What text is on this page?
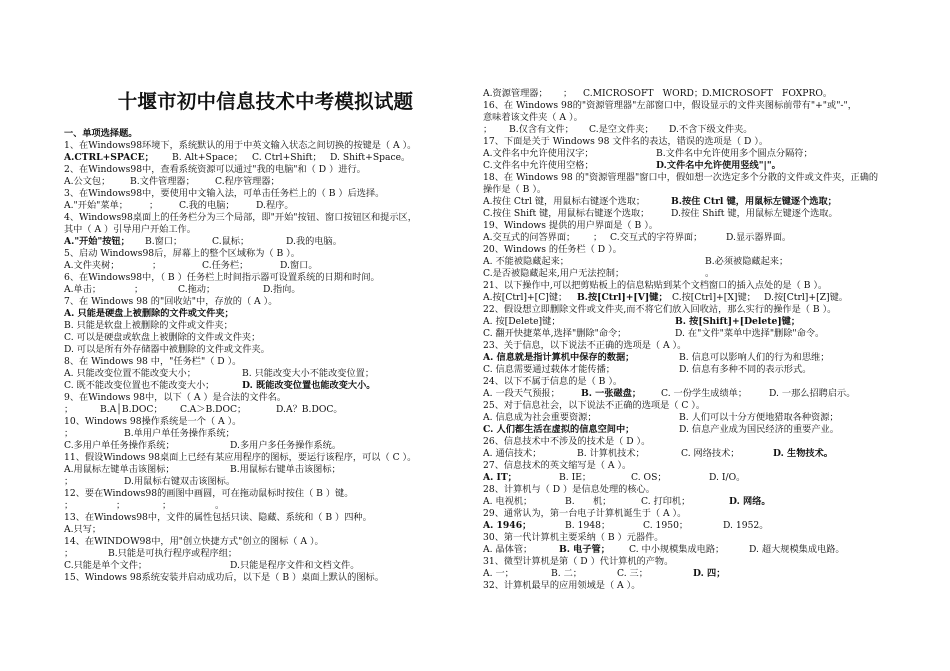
十堰市初中信息技术中考模拟试题
一、单项选择题。
1、在Windows98环境下，系统默认的用于中英文输入状态之间切换的按键是（ A ）。
A.CTRL+SPACE； B. Alt+Space； C. Ctrl+Shift； D. Shift+Space。
2、在Windows98中，查看系统资源可以通过"我的电脑"和（ D ）进行。
A.公文包； B.文件管理器； C.程序管理器；
3、在Windows98中，要使用中文输入法，可单击任务栏上的（ B ）后选择。
A."开始"菜单； ； C.我的电脑； D.程序。
4、Windows98桌面上的任务栏分为三个局部，即"开始"按钮、窗口按钮区和提示区，
其中（ A ）引导用户开始工作。
A."开始"按钮； B.窗口；	C.鼠标；	D.我的电脑。
5、启动 Windows98后，屏幕上的整个区域称为（ B ）。
A.文件夹树；	；	C.任务栏；	D.窗口。
6、在Windows98中，（ B ）任务栏上时间指示器可设置系统的日期和时间。
A.单击；	；	C.拖动；	D.指向。
7、在 Windows 98 的"回收站"中，存放的（ A ）。
A. 只能是硬盘上被删除的文件或文件夹；
B. 只能是软盘上被删除的文件或文件夹；
C. 可以是硬盘或软盘上被删除的文件或文件夹；
D. 可以是所有外存储器中被删除的文件或文件夹。
8、在 Windows 98 中，"任务栏"（ D ）。
A. 只能改变位置不能改变大小；	B. 只能改变大小不能改变位置；
C. 既不能改变位置也不能改变大小；	D. 既能改变位置也能改变大小。
9、在Windows 98中，以下（ A ）是合法的文件名。
；	B.A│B.DOC； C.A＞B.DOC；	D.A？B.DOC。
10、Windows 98操作系统是一个（ A ）。
；	B.单用户单任务操作系统；
C.多用户单任务操作系统；	D.多用户多任务操作系统。
11、假设Windows 98桌面上已经有某应用程序的图标，要运行该程序，可以（ C ）。
A.用鼠标左键单击该图标；	B.用鼠标右键单击该图标；
；	D.用鼠标右键双击该图标。
12、要在Windows98的画图中画圆，可在拖动鼠标时按住（ B ）键。
；	；	；	。
13、在Windows98中，文件的属性包括只读、隐藏、系统和（ B ）四种。
A.只写；
14、在WINDOW98中，用"创立快捷方式"创立的图标（ A ）。
；	B.只能是可执行程序或程序组；
C.只能是单个文件；	D.只能是程序文件和文档文件。
15、Windows 98系统安装并启动成功后，以下是（ B ）桌面上默认的图标。
A.资源管理器； ； C.MICROSOFT　WORD；
D.MICROSOFT　FOXPRO。
16、在 Windows 98的"资源管理器"左部窗口中，假设显示的文件夹图标前带有"+"或"-"，
意味着该文件夹（ A ）。
； B.仅含有文件； C.是空文件夹； D.不含下级文件夹。
17、下面是关于 Windows 98 文件名的表达，错误的选项是（ D ）。
A.文件名中允许使用汉字；	B.文件名中允许使用多个圆点分隔符；
C.文件名中允许使用空格；	D.文件名中允许使用竖线"|"。
18、在 Windows 98 的"资源管理器"窗口中，假如想一次选定多个分散的文件或文件夹，正确的
操作是（ B ）。
A.按住 Ctrl 键，用鼠标右键逐个选取；	B.按住 Ctrl 键，用鼠标左键逐个选取；
C.按住 Shift 键，用鼠标右键逐个选取； D.按住 Shift 键，用鼠标左键逐个选取。
19、Windows 提供的用户界面是（ B ）。
A.交互式的问答界面； ； C.交互式的字符界面；	D.显示器界面。
20、Windows 的任务栏（ D ）。
A. 不能被隐藏起来；	B.必须被隐藏起来；
C.是否被隐藏起来,用户无法控制；	。
21、以下操作中,可以把剪贴板上的信息粘贴到某个文档窗口的插入点处的是（ B ）。
A.按[Ctrl]+[C]键； B.按[Ctrl]+[V]键； C.按[Ctrl]+[X]键； D.按[Ctrl]+[Z]键。
22、假设想立即删除文件或文件夹,而不将它们放入回收站，那么实行的操作是（ B ）。
A. 按[Delete]键；	B. 按[Shift]+[Delete]键；
C. 翻开快捷菜单,选择"删除"命令；	D. 在"文件"菜单中选择"删除"命令。
23、关于信息，以下说法不正确的选项是（ A ）。
A. 信息就是指计算机中保存的数据；	B. 信息可以影响人们的行为和思维；
C. 信息需要通过载体才能传播；	D. 信息有多种不同的表示形式。
24、以下不属于信息的是（ B ）。
A. 一段天气预报； B. 一张磁盘； C. 一份学生成绩单； D. 一那么招聘启示。
25、对于信息社会，以下说法不正确的选项是（ C ）。
A. 信息成为社会重要资源；	B. 人们可以十分方便地猎取各种资源；
C. 人们都生活在虚拟的信息空间中；	D. 信息产业成为国民经济的重要产业。
26、信息技术中不涉及的技术是（ D ）。
A. 通信技术；	B. 计算机技术；	C. 网络技术；	D. 生物技术。
27、信息技术的英文缩写是（ A ）。
A. IT；	B. IE；	C. OS；	D. I/O。
28、计算机与（ D ）是信息处理的核心。
A. 电视机；	B. 机；	C. 打印机；	D. 网络。
29、通常认为，第一台电子计算机诞生于（ A ）。
A. 1946；	B. 1948；	C. 1950；	D. 1952。
30、第一代计算机主要采纳（ B ）元器件。
A. 晶体管；	B. 电子管； C. 中小规模集成电路；	D. 超大规模集成电路。
31、微型计算机是第（ D ）代计算机的产物。
A. 一；	B. 二；	C. 三；	D. 四；
32、计算机最早的应用领域是（ A ）。
